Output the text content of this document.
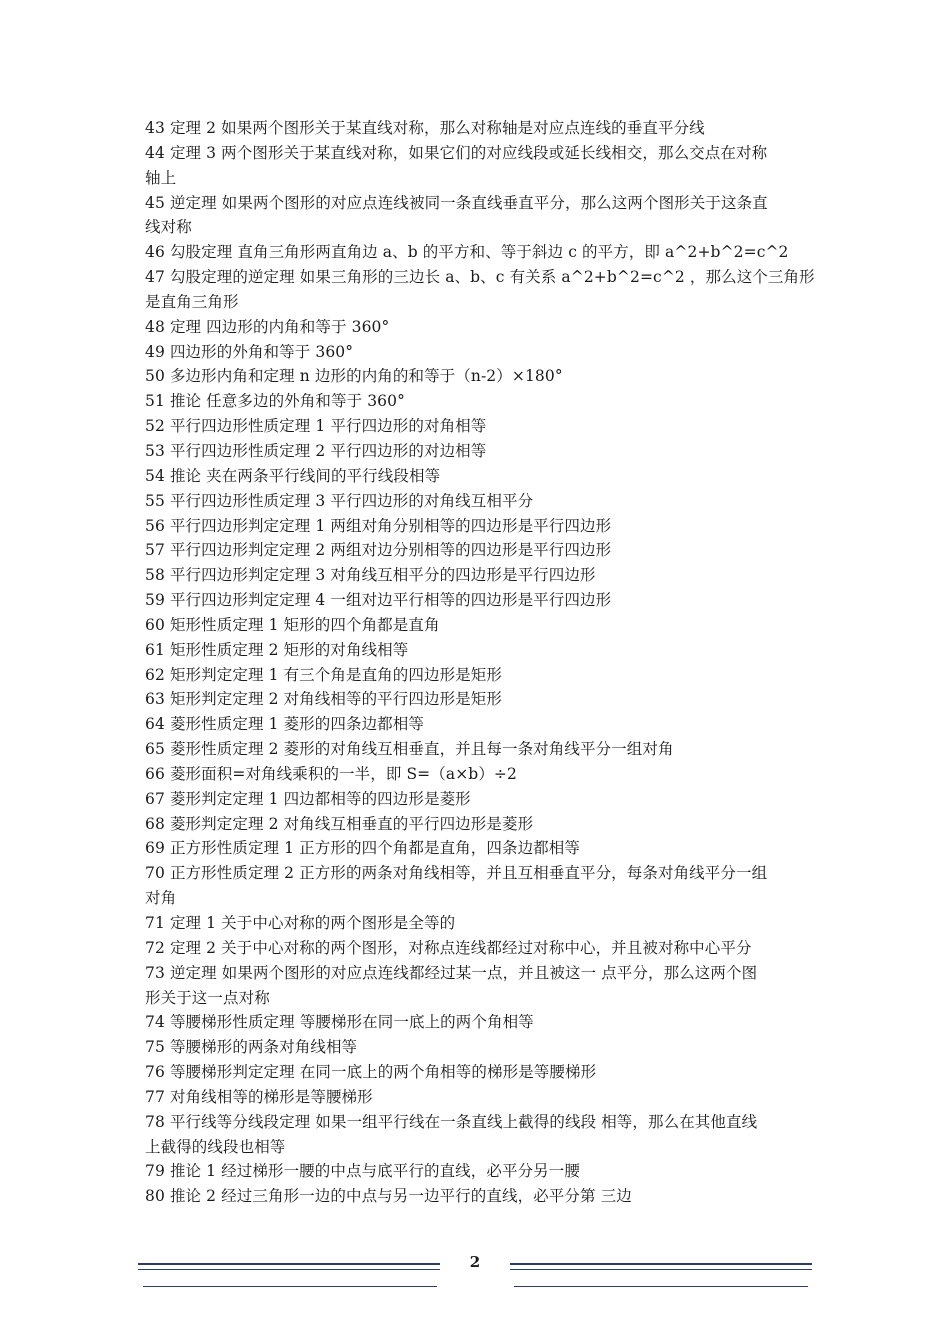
43 定理 2 如果两个图形关于某直线对称，那么对称轴是对应点连线的垂直平分线
44 定理 3 两个图形关于某直线对称，如果它们的对应线段或延长线相交，那么交点在对称
轴上
45 逆定理 如果两个图形的对应点连线被同一条直线垂直平分，那么这两个图形关于这条直
线对称
46 勾股定理 直角三角形两直角边 a、b 的平方和、等于斜边 c 的平方，即 a^2+b^2=c^2
47 勾股定理的逆定理 如果三角形的三边长 a、b、c 有关系 a^2+b^2=c^2 ，那么这个三角形
是直角三角形
48 定理 四边形的内角和等于 360°
49 四边形的外角和等于 360°
50 多边形内角和定理 n 边形的内角的和等于（n-2）×180°
51 推论 任意多边的外角和等于 360°
52 平行四边形性质定理 1 平行四边形的对角相等
53 平行四边形性质定理 2 平行四边形的对边相等
54 推论 夹在两条平行线间的平行线段相等
55 平行四边形性质定理 3 平行四边形的对角线互相平分
56 平行四边形判定定理 1 两组对角分别相等的四边形是平行四边形
57 平行四边形判定定理 2 两组对边分别相等的四边形是平行四边形
58 平行四边形判定定理 3 对角线互相平分的四边形是平行四边形
59 平行四边形判定定理 4 一组对边平行相等的四边形是平行四边形
60 矩形性质定理 1 矩形的四个角都是直角
61 矩形性质定理 2 矩形的对角线相等
62 矩形判定定理 1 有三个角是直角的四边形是矩形
63 矩形判定定理 2 对角线相等的平行四边形是矩形
64 菱形性质定理 1 菱形的四条边都相等
65 菱形性质定理 2 菱形的对角线互相垂直，并且每一条对角线平分一组对角
66 菱形面积=对角线乘积的一半，即 S=（a×b）÷2
67 菱形判定定理 1 四边都相等的四边形是菱形
68 菱形判定定理 2 对角线互相垂直的平行四边形是菱形
69 正方形性质定理 1 正方形的四个角都是直角，四条边都相等
70 正方形性质定理 2 正方形的两条对角线相等，并且互相垂直平分，每条对角线平分一组
对角
71 定理 1 关于中心对称的两个图形是全等的
72 定理 2 关于中心对称的两个图形，对称点连线都经过对称中心，并且被对称中心平分
73 逆定理 如果两个图形的对应点连线都经过某一点，并且被这一 点平分，那么这两个图
形关于这一点对称
74 等腰梯形性质定理 等腰梯形在同一底上的两个角相等
75 等腰梯形的两条对角线相等
76 等腰梯形判定定理 在同一底上的两个角相等的梯形是等腰梯形
77 对角线相等的梯形是等腰梯形
78 平行线等分线段定理 如果一组平行线在一条直线上截得的线段 相等，那么在其他直线
上截得的线段也相等
79 推论 1 经过梯形一腰的中点与底平行的直线，必平分另一腰
80 推论 2 经过三角形一边的中点与另一边平行的直线，必平分第 三边
2
